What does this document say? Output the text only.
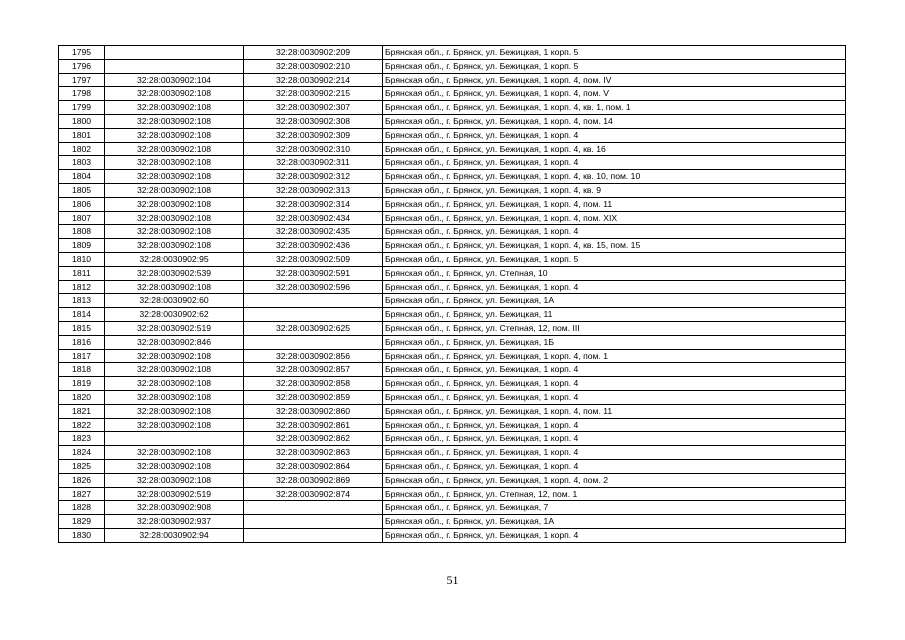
1795		32:28:0030902:209	Брянская обл., г. Брянск, ул. Бежицкая, 1 корп. 5
1796		32:28:0030902:210	Брянская обл., г. Брянск, ул. Бежицкая, 1 корп. 5
1797	32:28:0030902:104	32:28:0030902:214	Брянская обл., г. Брянск, ул. Бежицкая, 1 корп. 4, пом. IV
1798	32:28:0030902:108	32:28:0030902:215	Брянская обл., г. Брянск, ул. Бежицкая, 1 корп. 4, пом. V
1799	32:28:0030902:108	32:28:0030902:307	Брянская обл., г. Брянск, ул. Бежицкая, 1 корп. 4, кв. 1, пом. 1
1800	32:28:0030902:108	32:28:0030902:308	Брянская обл., г. Брянск, ул. Бежицкая, 1 корп. 4, пом. 14
1801	32:28:0030902:108	32:28:0030902:309	Брянская обл., г. Брянск, ул. Бежицкая, 1 корп. 4
1802	32:28:0030902:108	32:28:0030902:310	Брянская обл., г. Брянск, ул. Бежицкая, 1 корп. 4, кв. 16
1803	32:28:0030902:108	32:28:0030902:311	Брянская обл., г. Брянск, ул. Бежицкая, 1 корп. 4
1804	32:28:0030902:108	32:28:0030902:312	Брянская обл., г. Брянск, ул. Бежицкая, 1 корп. 4, кв. 10, пом. 10
1805	32:28:0030902:108	32:28:0030902:313	Брянская обл., г. Брянск, ул. Бежицкая, 1 корп. 4, кв. 9
1806	32:28:0030902:108	32:28:0030902:314	Брянская обл., г. Брянск, ул. Бежицкая, 1 корп. 4, пом. 11
1807	32:28:0030902:108	32:28:0030902:434	Брянская обл., г. Брянск, ул. Бежицкая, 1 корп. 4, пом. XIX
1808	32:28:0030902:108	32:28:0030902:435	Брянская обл., г. Брянск, ул. Бежицкая, 1 корп. 4
1809	32:28:0030902:108	32:28:0030902:436	Брянская обл., г. Брянск, ул. Бежицкая, 1 корп. 4, кв. 15, пом. 15
1810	32:28:0030902:95	32:28:0030902:509	Брянская обл., г. Брянск, ул. Бежицкая, 1 корп. 5
1811	32:28:0030902:539	32:28:0030902:591	Брянская обл., г. Брянск, ул. Степная, 10
1812	32:28:0030902:108	32:28:0030902:596	Брянская обл., г. Брянск, ул. Бежицкая, 1 корп. 4
1813	32:28:0030902:60		Брянская обл., г. Брянск, ул. Бежицкая, 1А
1814	32:28:0030902:62		Брянская обл., г. Брянск, ул. Бежицкая, 11
1815	32:28:0030902:519	32:28:0030902:625	Брянская обл., г. Брянск, ул. Степная, 12, пом. III
1816	32:28:0030902:846		Брянская обл., г. Брянск, ул. Бежицкая, 1Б
1817	32:28:0030902:108	32:28:0030902:856	Брянская обл., г. Брянск, ул. Бежицкая, 1 корп. 4, пом. 1
1818	32:28:0030902:108	32:28:0030902:857	Брянская обл., г. Брянск, ул. Бежицкая, 1 корп. 4
1819	32:28:0030902:108	32:28:0030902:858	Брянская обл., г. Брянск, ул. Бежицкая, 1 корп. 4
1820	32:28:0030902:108	32:28:0030902:859	Брянская обл., г. Брянск, ул. Бежицкая, 1 корп. 4
1821	32:28:0030902:108	32:28:0030902:860	Брянская обл., г. Брянск, ул. Бежицкая, 1 корп. 4, пом. 11
1822	32:28:0030902:108	32:28:0030902:861	Брянская обл., г. Брянск, ул. Бежицкая, 1 корп. 4
1823		32:28:0030902:862	Брянская обл., г. Брянск, ул. Бежицкая, 1 корп. 4
1824	32:28:0030902:108	32:28:0030902:863	Брянская обл., г. Брянск, ул. Бежицкая, 1 корп. 4
1825	32:28:0030902:108	32:28:0030902:864	Брянская обл., г. Брянск, ул. Бежицкая, 1 корп. 4
1826	32:28:0030902:108	32:28:0030902:869	Брянская обл., г. Брянск, ул. Бежицкая, 1 корп. 4, пом. 2
1827	32:28:0030902:519	32:28:0030902:874	Брянская обл., г. Брянск, ул. Степная, 12, пом. 1
1828	32:28:0030902:908		Брянская обл., г. Брянск, ул. Бежицкая, 7
1829	32:28:0030902:937		Брянская обл., г. Брянск, ул. Бежицкая, 1А
1830	32:28:0030902:94		Брянская обл., г. Брянск, ул. Бежицкая, 1 корп. 4
51
